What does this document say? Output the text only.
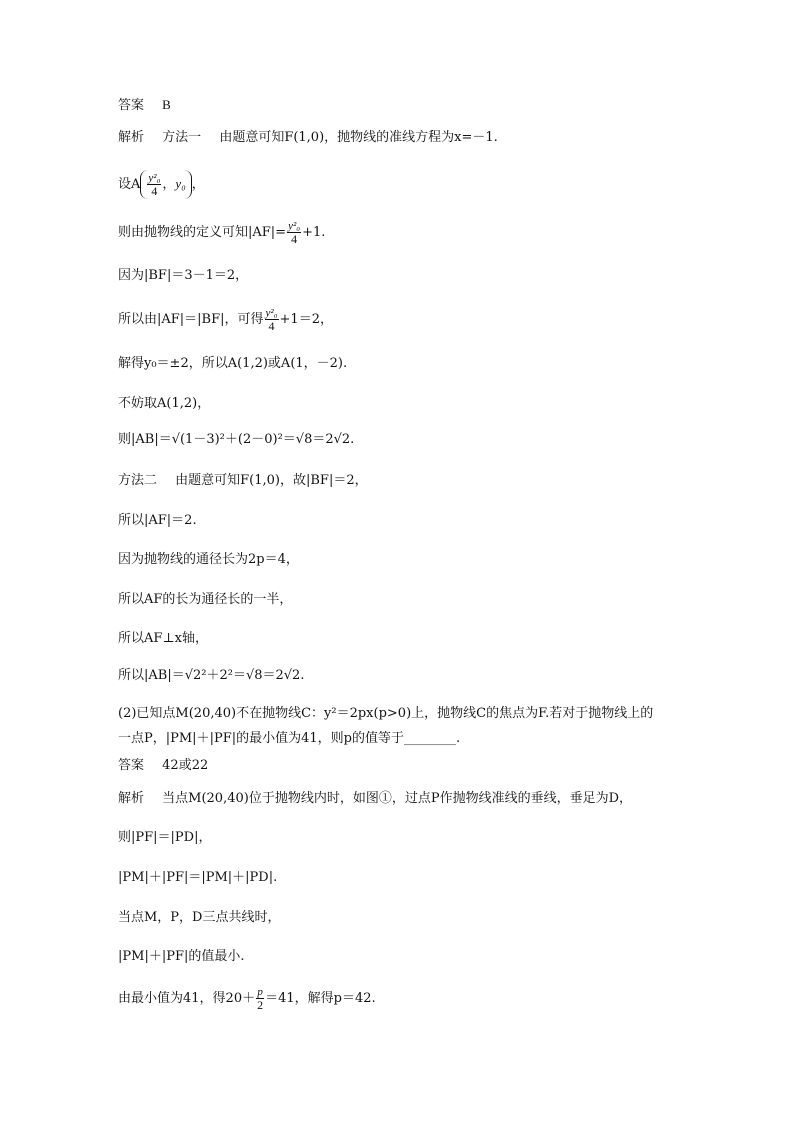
答案 B
解析 方法一 由题意可知F(1,0)，抛物线的准线方程为x=－1.
设A $\frac{\text{y²₀}}{4}$ ，y₀ ，
则由抛物线的定义可知$|AF|= \frac{\text{y²₀}}{4} +1$.
因为|BF|＝3－1＝2，
所以由|AF|＝|BF|，可得 $\frac{\text{y²₀}}{4} +1=2$，
解得y₀＝±2，所以A(1,2)或A(1，－2).
不妨取A(1,2)，
则|AB|＝√(1－3)²＋(2－0)²＝√8＝2√2.
方法二 由题意可知F(1,0)，故|BF|＝2，
所以|AF|＝2.
因为抛物线的通径长为2p＝4，
所以AF的长为通径长的一半，
所以AF⊥x轴，
所以|AB|＝√2²＋2²＝√8＝2√2.
(2)已知点M(20,40)不在抛物线C：y²＝2px(p>0)上，抛物线C的焦点为F.若对于抛物线上的
一点P，|PM|＋|PF|的最小值为41，则p的值等于________.
答案 42或22
解析 当点M(20,40)位于抛物线内时，如图①，过点P作抛物线准线的垂线，垂足为D，
则|PF|＝|PD|，
|PM|＋|PF|＝|PM|＋|PD|.
当点M，P，D三点共线时，
|PM|＋|PF|的值最小.
由最小值为41，得$20+ \frac{p}{2} =41$，解得p＝42.
